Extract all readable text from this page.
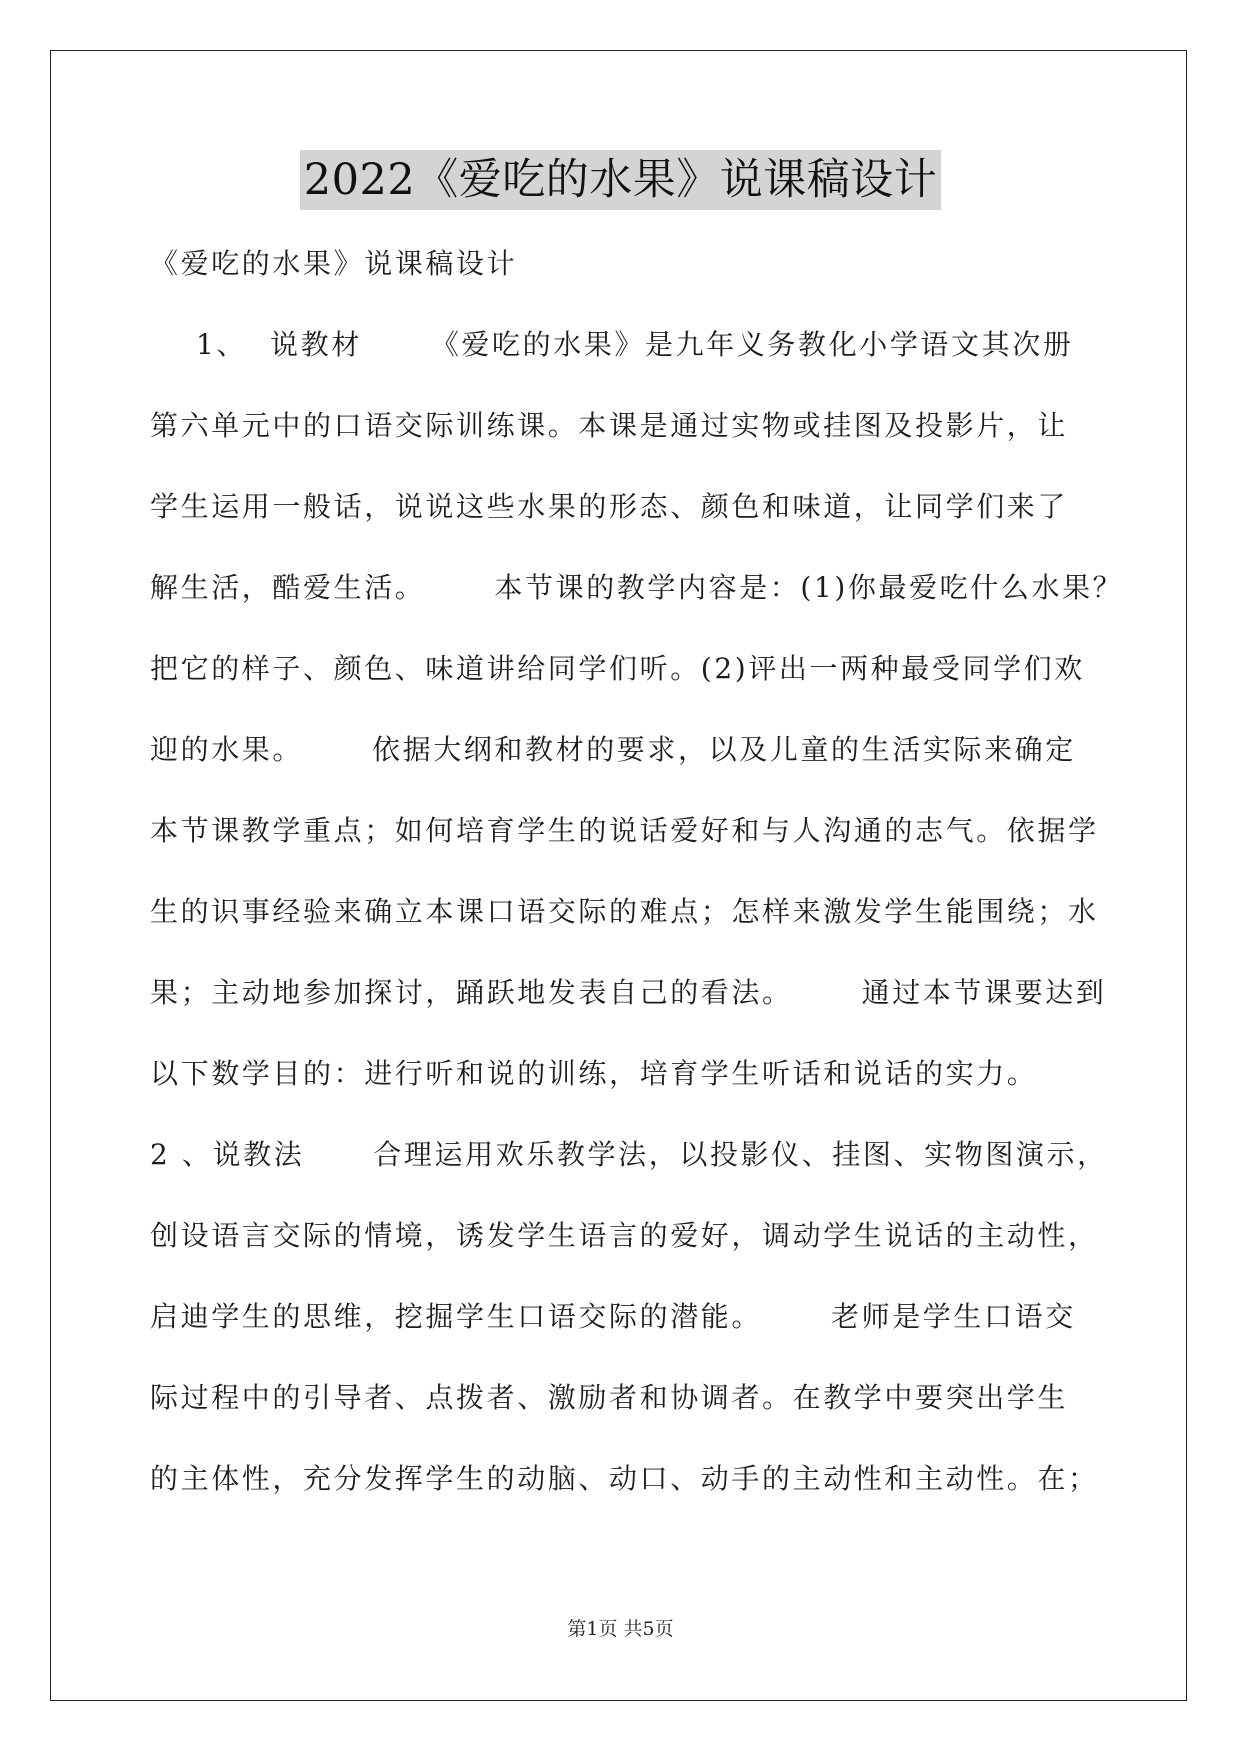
2022《爱吃的水果》说课稿设计
《爱吃的水果》说课稿设计
1、  说教材      《爱吃的水果》是九年义务教化小学语文其次册
第六单元中的口语交际训练课。本课是通过实物或挂图及投影片，让
学生运用一般话，说说这些水果的形态、颜色和味道，让同学们来了
解生活，酷爱生活。      本节课的教学内容是：(1)你最爱吃什么水果？
把它的样子、颜色、味道讲给同学们听。(2)评出一两种最受同学们欢
迎的水果。      依据大纲和教材的要求，以及儿童的生活实际来确定
本节课教学重点；如何培育学生的说话爱好和与人沟通的志气。依据学
生的识事经验来确立本课口语交际的难点；怎样来激发学生能围绕；水
果；主动地参加探讨，踊跃地发表自己的看法。      通过本节课要达到
以下数学目的：进行听和说的训练，培育学生听话和说话的实力。
2 、说教法      合理运用欢乐教学法，以投影仪、挂图、实物图演示，
创设语言交际的情境，诱发学生语言的爱好，调动学生说话的主动性，
启迪学生的思维，挖掘学生口语交际的潜能。      老师是学生口语交
际过程中的引导者、点拨者、激励者和协调者。在教学中要突出学生
的主体性，充分发挥学生的动脑、动口、动手的主动性和主动性。在；
第1页 共5页
